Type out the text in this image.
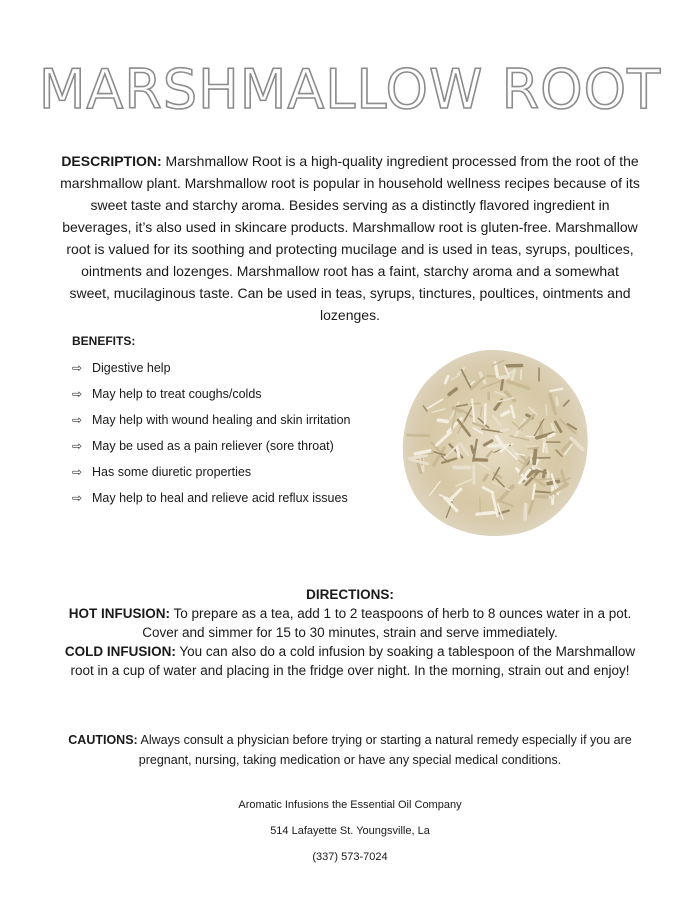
MARSHMALLOW ROOT
DESCRIPTION: Marshmallow Root is a high-quality ingredient processed from the root of the marshmallow plant. Marshmallow root is popular in household wellness recipes because of its sweet taste and starchy aroma. Besides serving as a distinctly flavored ingredient in beverages, it’s also used in skincare products. Marshmallow root is gluten-free. Marshmallow root is valued for its soothing and protecting mucilage and is used in teas, syrups, poultices, ointments and lozenges. Marshmallow root has a faint, starchy aroma and a somewhat sweet, mucilaginous taste. Can be used in teas, syrups, tinctures, poultices, ointments and lozenges.
BENEFITS:
⇨ Digestive help
⇨ May help to treat coughs/colds
⇨ May help with wound healing and skin irritation
⇨ May be used as a pain reliever (sore throat)
⇨ Has some diuretic properties
⇨ May help to heal and relieve acid reflux issues
DIRECTIONS:
HOT INFUSION: To prepare as a tea, add 1 to 2 teaspoons of herb to 8 ounces water in a pot. Cover and simmer for 15 to 30 minutes, strain and serve immediately.
COLD INFUSION: You can also do a cold infusion by soaking a tablespoon of the Marshmallow root in a cup of water and placing in the fridge over night. In the morning, strain out and enjoy!
CAUTIONS: Always consult a physician before trying or starting a natural remedy especially if you are pregnant, nursing, taking medication or have any special medical conditions.
Aromatic Infusions the Essential Oil Company
514 Lafayette St. Youngsville, La
(337) 573-7024
